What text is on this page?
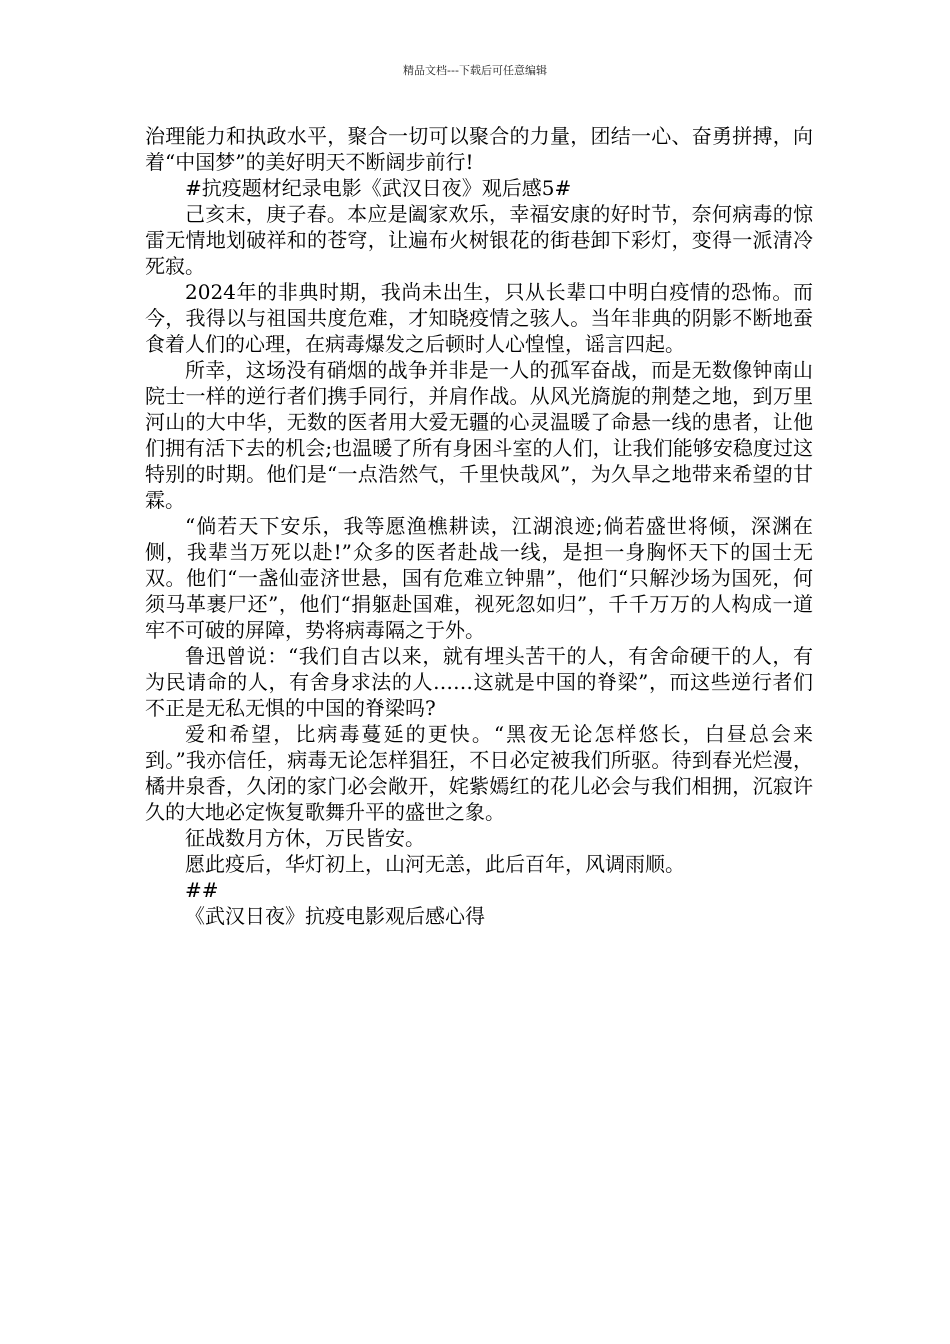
精品文档---下载后可任意编辑

治理能力和执政水平，聚合一切可以聚合的力量，团结一心、奋勇拼搏，向着“中国梦”的美好明天不断阔步前行!

#抗疫题材纪录电影《武汉日夜》观后感5#

己亥末，庚子春。本应是阖家欢乐，幸福安康的好时节，奈何病毒的惊雷无情地划破祥和的苍穹，让遍布火树银花的街巷卸下彩灯，变得一派清冷死寂。

2024年的非典时期，我尚未出生，只从长辈口中明白疫情的恐怖。而今，我得以与祖国共度危难，才知晓疫情之骇人。当年非典的阴影不断地蚕食着人们的心理，在病毒爆发之后顿时人心惶惶，谣言四起。

所幸，这场没有硝烟的战争并非是一人的孤军奋战，而是无数像钟南山院士一样的逆行者们携手同行，并肩作战。从风光旖旎的荆楚之地，到万里河山的大中华，无数的医者用大爱无疆的心灵温暖了命悬一线的患者，让他们拥有活下去的机会;也温暖了所有身困斗室的人们，让我们能够安稳度过这特别的时期。他们是“一点浩然气，千里快哉风”，为久旱之地带来希望的甘霖。

“倘若天下安乐，我等愿渔樵耕读，江湖浪迹;倘若盛世将倾，深渊在侧，我辈当万死以赴!”众多的医者赴战一线，是担一身胸怀天下的国士无双。他们“一盏仙壶济世悬，国有危难立钟鼎”，他们“只解沙场为国死，何须马革裹尸还”，他们“捐躯赴国难，视死忽如归”，千千万万的人构成一道牢不可破的屏障，势将病毒隔之于外。

鲁迅曾说：“我们自古以来，就有埋头苦干的人，有舍命硬干的人，有为民请命的人，有舍身求法的人……这就是中国的脊梁”，而这些逆行者们不正是无私无惧的中国的脊梁吗?

爱和希望，比病毒蔓延的更快。“黑夜无论怎样悠长，白昼总会来到。”我亦信任，病毒无论怎样猖狂，不日必定被我们所驱。待到春光烂漫，橘井泉香，久闭的家门必会敞开，姹紫嫣红的花儿必会与我们相拥，沉寂许久的大地必定恢复歌舞升平的盛世之象。

征战数月方休，万民皆安。

愿此疫后，华灯初上，山河无恙，此后百年，风调雨顺。

##

《武汉日夜》抗疫电影观后感心得
